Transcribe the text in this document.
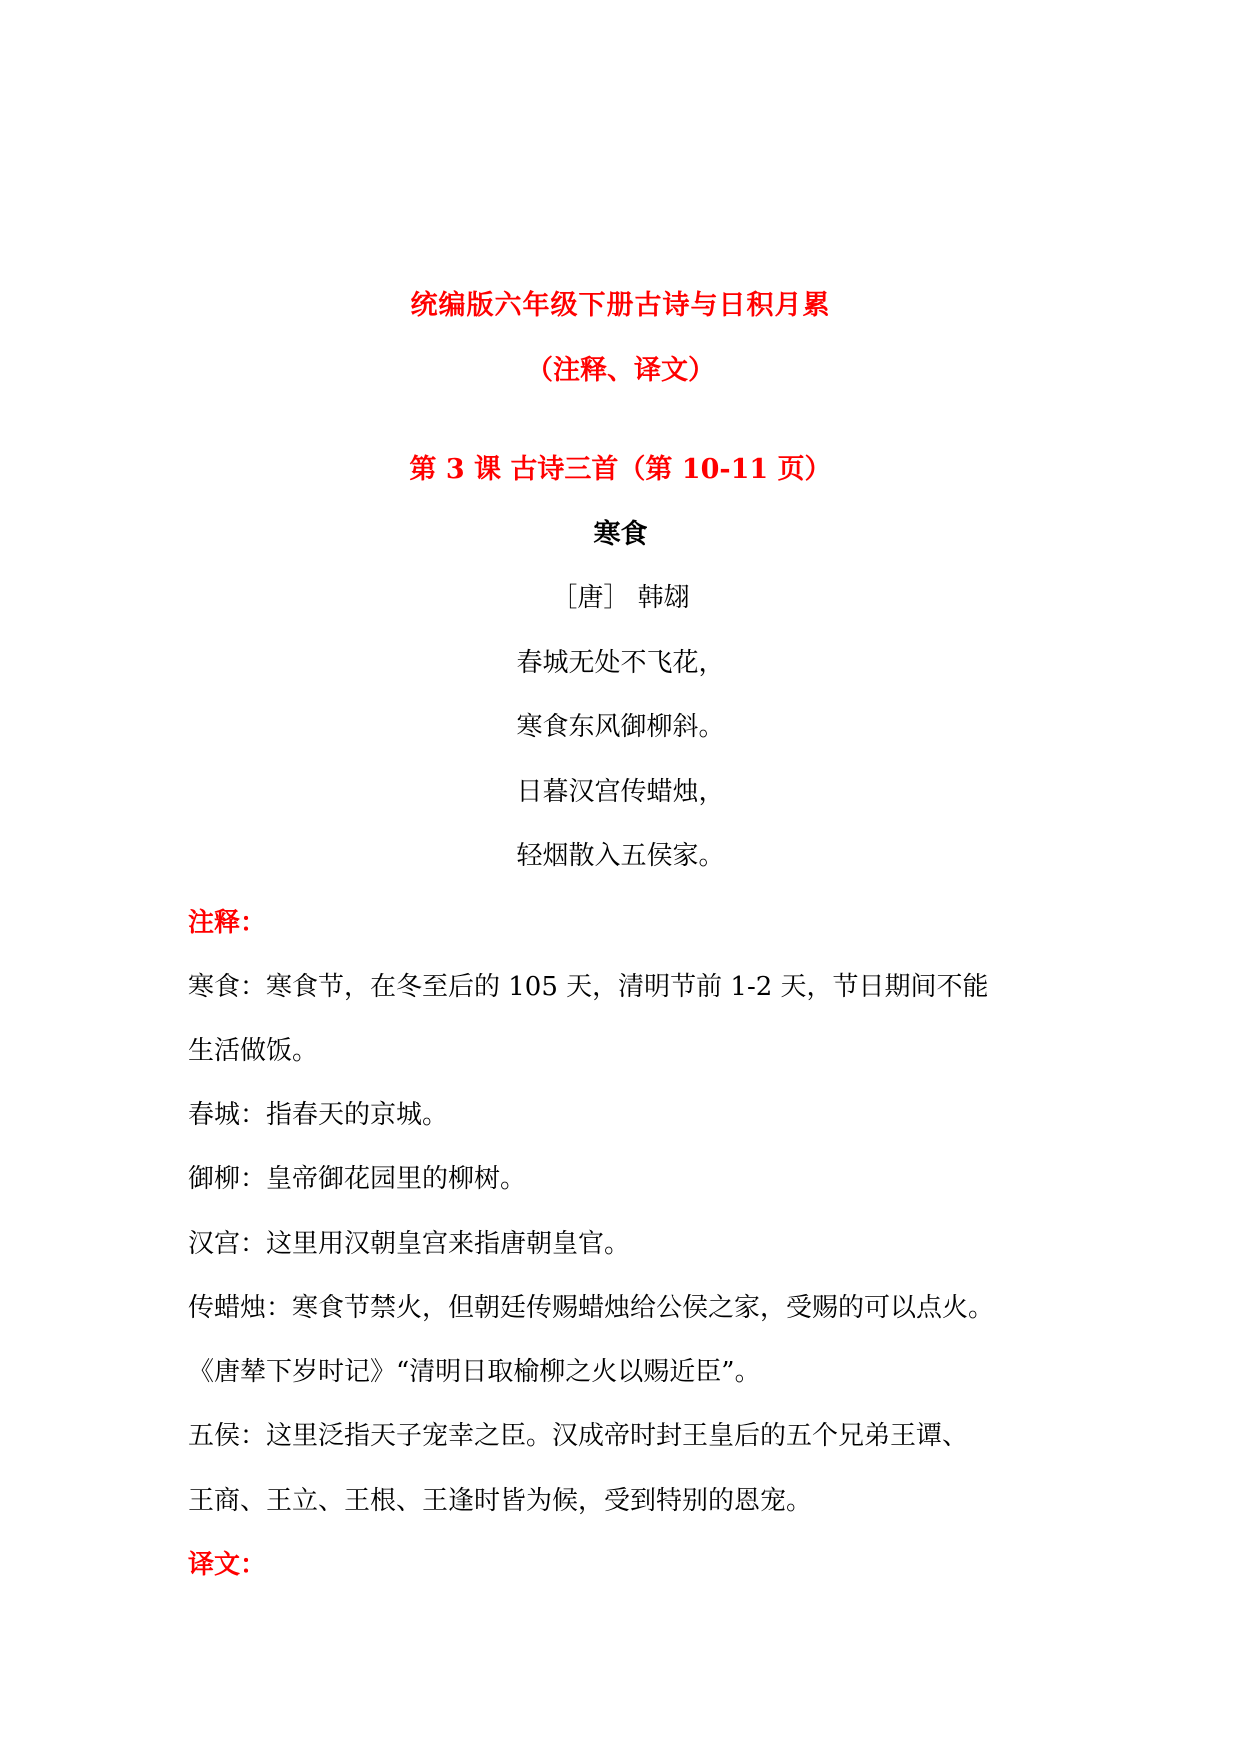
统编版六年级下册古诗与日积月累
（注释、译文）
第 3 课 古诗三首（第 10-11 页）
寒食
［唐］ 韩翃
春城无处不飞花，
寒食东风御柳斜。
日暮汉宫传蜡烛，
轻烟散入五侯家。
注释：
寒食：寒食节，在冬至后的 105 天，清明节前 1-2 天，节日期间不能
生活做饭。
春城：指春天的京城。
御柳：皇帝御花园里的柳树。
汉宫：这里用汉朝皇宫来指唐朝皇官。
传蜡烛：寒食节禁火，但朝廷传赐蜡烛给公侯之家，受赐的可以点火。
《唐辇下岁时记》“清明日取榆柳之火以赐近臣”。
五侯：这里泛指天子宠幸之臣。汉成帝时封王皇后的五个兄弟王谭、
王商、王立、王根、王逢时皆为候，受到特别的恩宠。
译文：
